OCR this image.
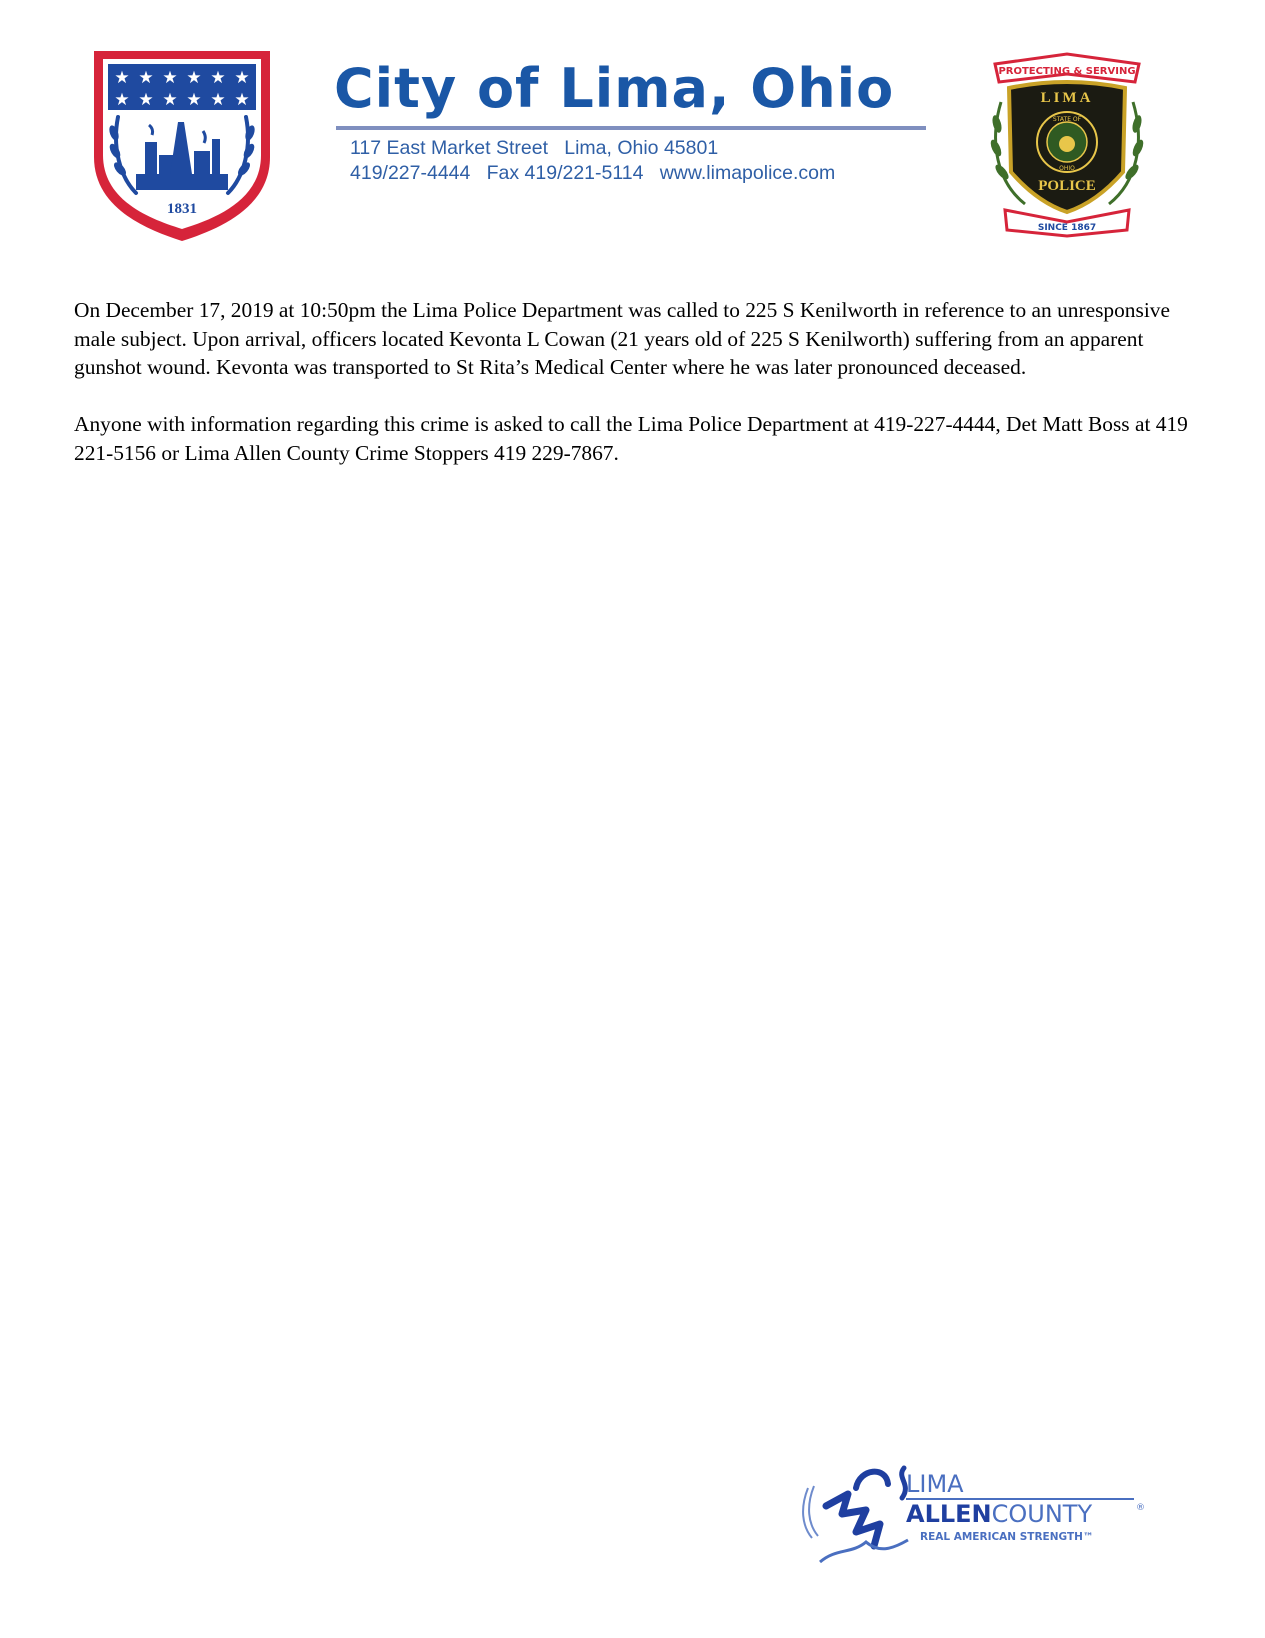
★ ★ ★ ★ ★ ★
★ ★ ★ ★ ★ ★
1831
City of Lima, Ohio
117 East Market Street   Lima, Ohio 45801
419/227-4444   Fax 419/221-5114   www.limapolice.com
PROTECTING & SERVING
LIMA
STATE OF
OHIO
POLICE
SINCE 1867

On December 17, 2019 at 10:50pm the Lima Police Department was called to 225 S Kenilworth in reference to an unresponsive male subject. Upon arrival, officers located Kevonta L Cowan (21 years old of 225 S Kenilworth) suffering from an apparent gunshot wound. Kevonta was transported to St Rita’s Medical Center where he was later pronounced deceased.

Anyone with information regarding this crime is asked to call the Lima Police Department at 419-227-4444, Det Matt Boss at 419 221-5156 or Lima Allen County Crime Stoppers 419 229-7867.

LIMA
ALLENCOUNTY	®
REAL AMERICAN STRENGTH™
